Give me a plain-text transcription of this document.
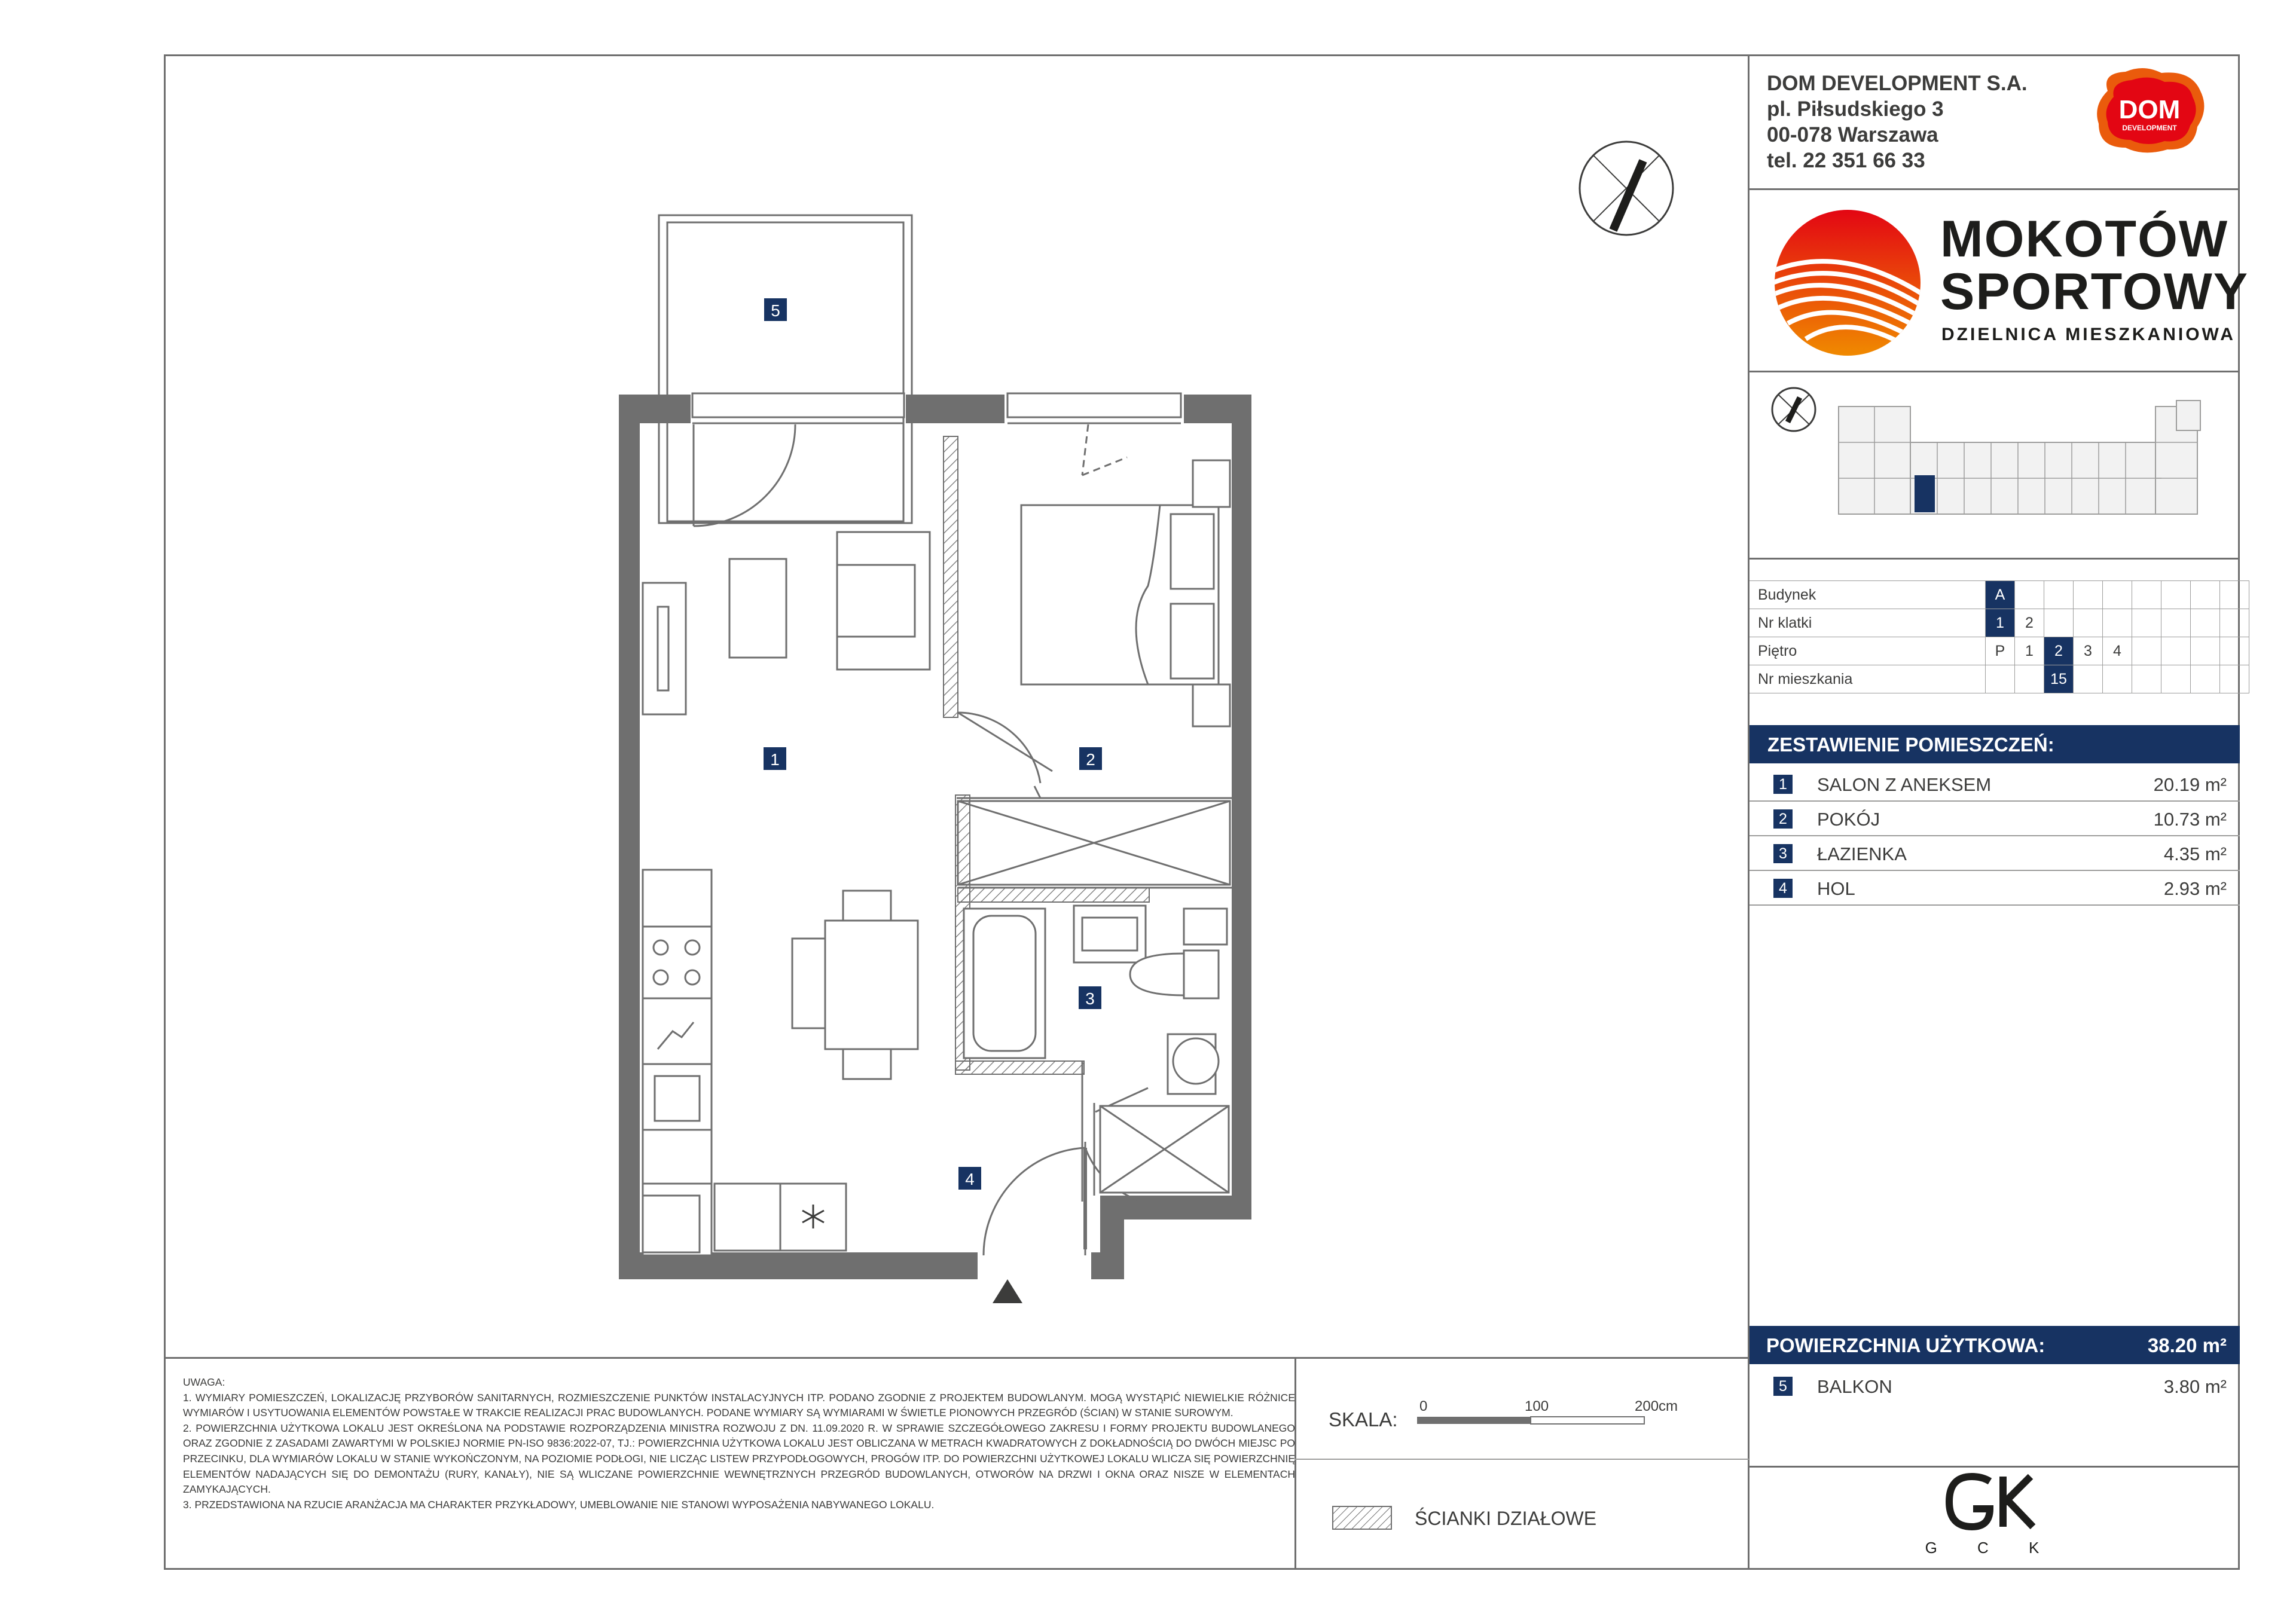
DOM DEVELOPMENT S.A.
pl. Piłsudskiego 3
00-078 Warszawa
tel. 22 351 66 33
DOM
DEVELOPMENT
MOKOTÓW
SPORTOWY
DZIELNICA MIESZKANIOWA
Budynek	A								
Nr klatki	1	2							
Piętro	P	1	2	3	4				
Nr mieszkania			15						
ZESTAWIENIE POMIESZCZEŃ:
1 SALON Z ANEKSEM	20.19 m²
2 POKÓJ	10.73 m²
3 ŁAZIENKA	4.35 m²
4 HOL	2.93 m²
POWIERZCHNIA UŻYTKOWA:	38.20 m²
5 BALKON	3.80 m²

UWAGA:

1. WYMIARY POMIESZCZEŃ, LOKALIZACJĘ PRZYBORÓW SANITARNYCH, ROZMIESZCZENIE PUNKTÓW INSTALACYJNYCH ITP. PODANO ZGODNIE Z PROJEKTEM BUDOWLANYM. MOGĄ WYSTĄPIĆ NIEWIELKIE RÓŻNICE WYMIARÓW I USYTUOWANIA ELEMENTÓW POWSTAŁE W TRAKCIE REALIZACJI PRAC BUDOWLANYCH. PODANE WYMIARY SĄ WYMIARAMI W ŚWIETLE PIONOWYCH PRZEGRÓD (ŚCIAN) W STANIE SUROWYM.

2. POWIERZCHNIA UŻYTKOWA LOKALU JEST OKREŚLONA NA PODSTAWIE ROZPORZĄDZENIA MINISTRA ROZWOJU Z DN. 11.09.2020 R. W SPRAWIE SZCZEGÓŁOWEGO ZAKRESU I FORMY PROJEKTU BUDOWLANEGO ORAZ ZGODNIE Z ZASADAMI ZAWARTYMI W POLSKIEJ NORMIE PN-ISO 9836:2022-07, TJ.: POWIERZCHNIA UŻYTKOWA LOKALU JEST OBLICZANA W METRACH KWADRATOWYCH Z DOKŁADNOŚCIĄ DO DWÓCH MIEJSC PO PRZECINKU, DLA WYMIARÓW LOKALU W STANIE WYKOŃCZONYM, NA POZIOMIE PODŁOGI, NIE LICZĄC LISTEW PRZYPODŁOGOWYCH, PROGÓW ITP. DO POWIERZCHNI UŻYTKOWEJ LOKALU WLICZA SIĘ POWIERZCHNIĘ ELEMENTÓW NADAJĄCYCH SIĘ DO DEMONTAŻU (RURY, KANAŁY), NIE SĄ WLICZANE POWIERZCHNIE WEWNĘTRZNYCH PRZEGRÓD BUDOWLANYCH, OTWORÓW NA DRZWI I OKNA ORAZ NISZE W ELEMENTACH ZAMYKAJĄCYCH.

3. PRZEDSTAWIONA NA RZUCIE ARANŻACJA MA CHARAKTER PRZYKŁADOWY, UMEBLOWANIE NIE STANOWI WYPOSAŻENIA NABYWANEGO LOKALU.

SKALA:
0	100	200cm
ŚCIANKI DZIAŁOWE
G C K
1	2
3
4
5
